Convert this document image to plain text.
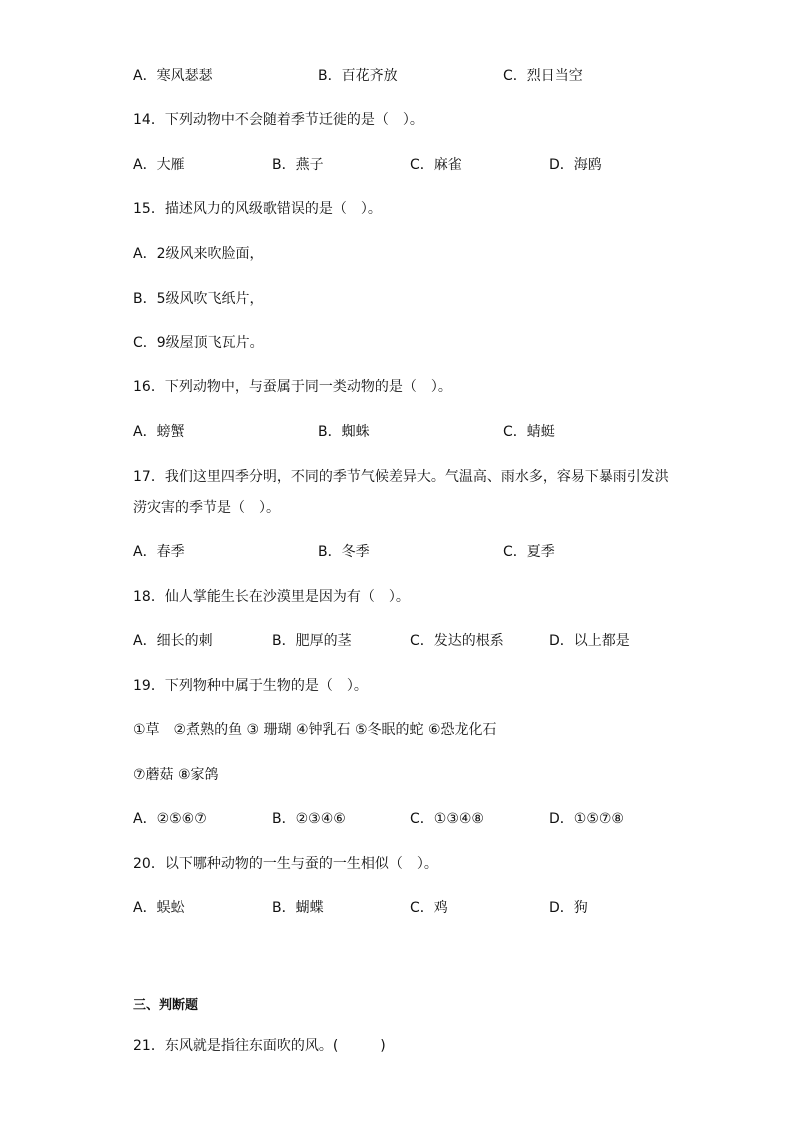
A．寒风瑟瑟	B．百花齐放	C．烈日当空
14．下列动物中不会随着季节迁徙的是（　）。
A．大雁	B．燕子	C．麻雀	D．海鸥
15．描述风力的风级歌错误的是（　）。
A．2级风来吹脸面，
B．5级风吹飞纸片，
C．9级屋顶飞瓦片。
16．下列动物中，与蚕属于同一类动物的是（　）。
A．螃蟹	B．蜘蛛	C．蜻蜓
17．我们这里四季分明，不同的季节气候差异大。气温高、雨水多，容易下暴雨引发洪
涝灾害的季节是（　）。
A．春季	B．冬季	C．夏季
18．仙人掌能生长在沙漠里是因为有（　）。
A．细长的刺	B．肥厚的茎	C．发达的根系	D．以上都是
19．下列物种中属于生物的是（　）。
①草　②煮熟的鱼 ③ 珊瑚 ④钟乳石 ⑤冬眠的蛇 ⑥恐龙化石
⑦蘑菇 ⑧家鸽
A．②⑤⑥⑦	B．②③④⑥	C．①③④⑧	D．①⑤⑦⑧
20．以下哪种动物的一生与蚕的一生相似（　）。
A．蜈蚣	B．蝴蝶	C．鸡	D．狗
三、判断题
21．东风就是指往东面吹的风。(　　　)
